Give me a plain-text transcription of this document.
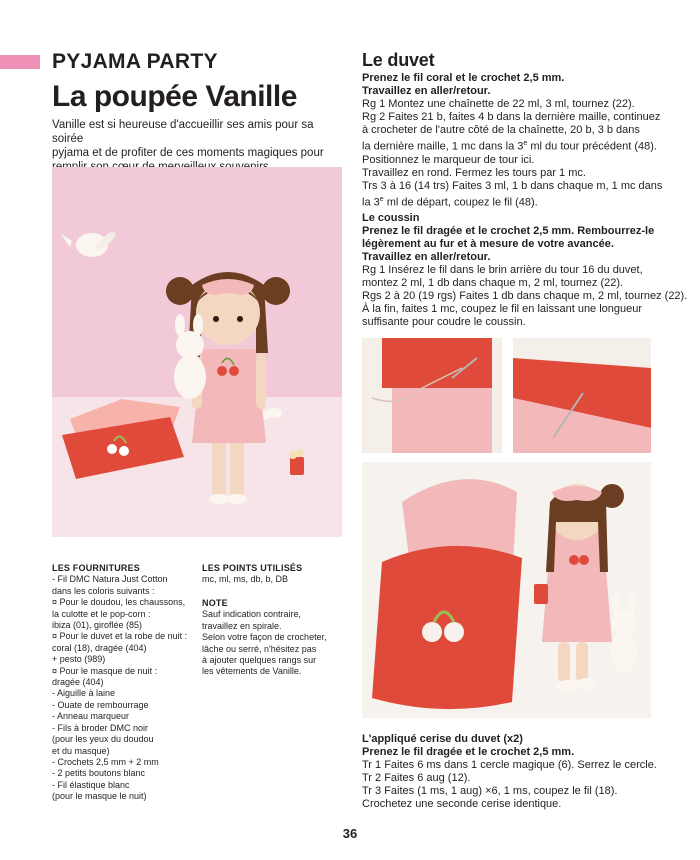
PYJAMA PARTY
La poupée Vanille
Vanille est si heureuse d'accueillir ses amis pour sa soirée
pyjama et de profiter de ces moments magiques pour
LES FOURNITURES
- Fil DMC Natura Just Cotton
dans les coloris suivants :
¤ Pour le doudou, les chaussons,
la culotte et le pop-corn :
ibiza (01), giroflée (85)
¤ Pour le duvet et la robe de nuit :
coral (18), dragée (404)
+ pesto (989)
¤ Pour le masque de nuit :
dragée (404)
- Aiguille à laine
- Ouate de rembourrage
- Anneau marqueur
- Fils à broder DMC noir
(pour les yeux du doudou
et du masque)
- Crochets 2,5 mm + 2 mm
- 2 petits boutons blanc
- Fil élastique blanc
(pour le masque le nuit)
LES POINTS UTILISÉS
mc, ml, ms, db, b, DB
NOTE
Sauf indication contraire,
travaillez en spirale.
Selon votre façon de crocheter,
lâche ou serré, n'hésitez pas
à ajouter quelques rangs sur
les vêtements de Vanille.
Le duvet
Prenez le fil coral et le crochet 2,5 mm.
Travaillez en aller/retour.
Rg 1 Montez une chaînette de 22 ml, 3 ml, tournez (22).
Rg 2 Faites 21 b, faites 4 b dans la dernière maille, continuez
à crocheter de l'autre côté de la chaînette, 20 b, 3 b dans
la dernière maille, 1 mc dans la 3e ml du tour précédent (48).
Positionnez le marqueur de tour ici.
Travaillez en rond. Fermez les tours par 1 mc.
Trs 3 à 16 (14 trs) Faites 3 ml, 1 b dans chaque m, 1 mc dans
la 3e ml de départ, coupez le fil (48).
Le coussin
Prenez le fil dragée et le crochet 2,5 mm. Rembourrez-le
légèrement au fur et à mesure de votre avancée.
Travaillez en aller/retour.
Rg 1 Insérez le fil dans le brin arrière du tour 16 du duvet,
montez 2 ml, 1 db dans chaque m, 2 ml, tournez (22).
Rgs 2 à 20 (19 rgs) Faites 1 db dans chaque m, 2 ml, tournez (22).
À la fin, faites 1 mc, coupez le fil en laissant une longueur
suffisante pour coudre le coussin.
L'appliqué cerise du duvet (x2)
Prenez le fil dragée et le crochet 2,5 mm.
Tr 1 Faites 6 ms dans 1 cercle magique (6). Serrez le cercle.
Tr 2 Faites 6 aug (12).
Tr 3 Faites (1 ms, 1 aug) ×6, 1 ms, coupez le fil (18).
Crochetez une seconde cerise identique.
36
